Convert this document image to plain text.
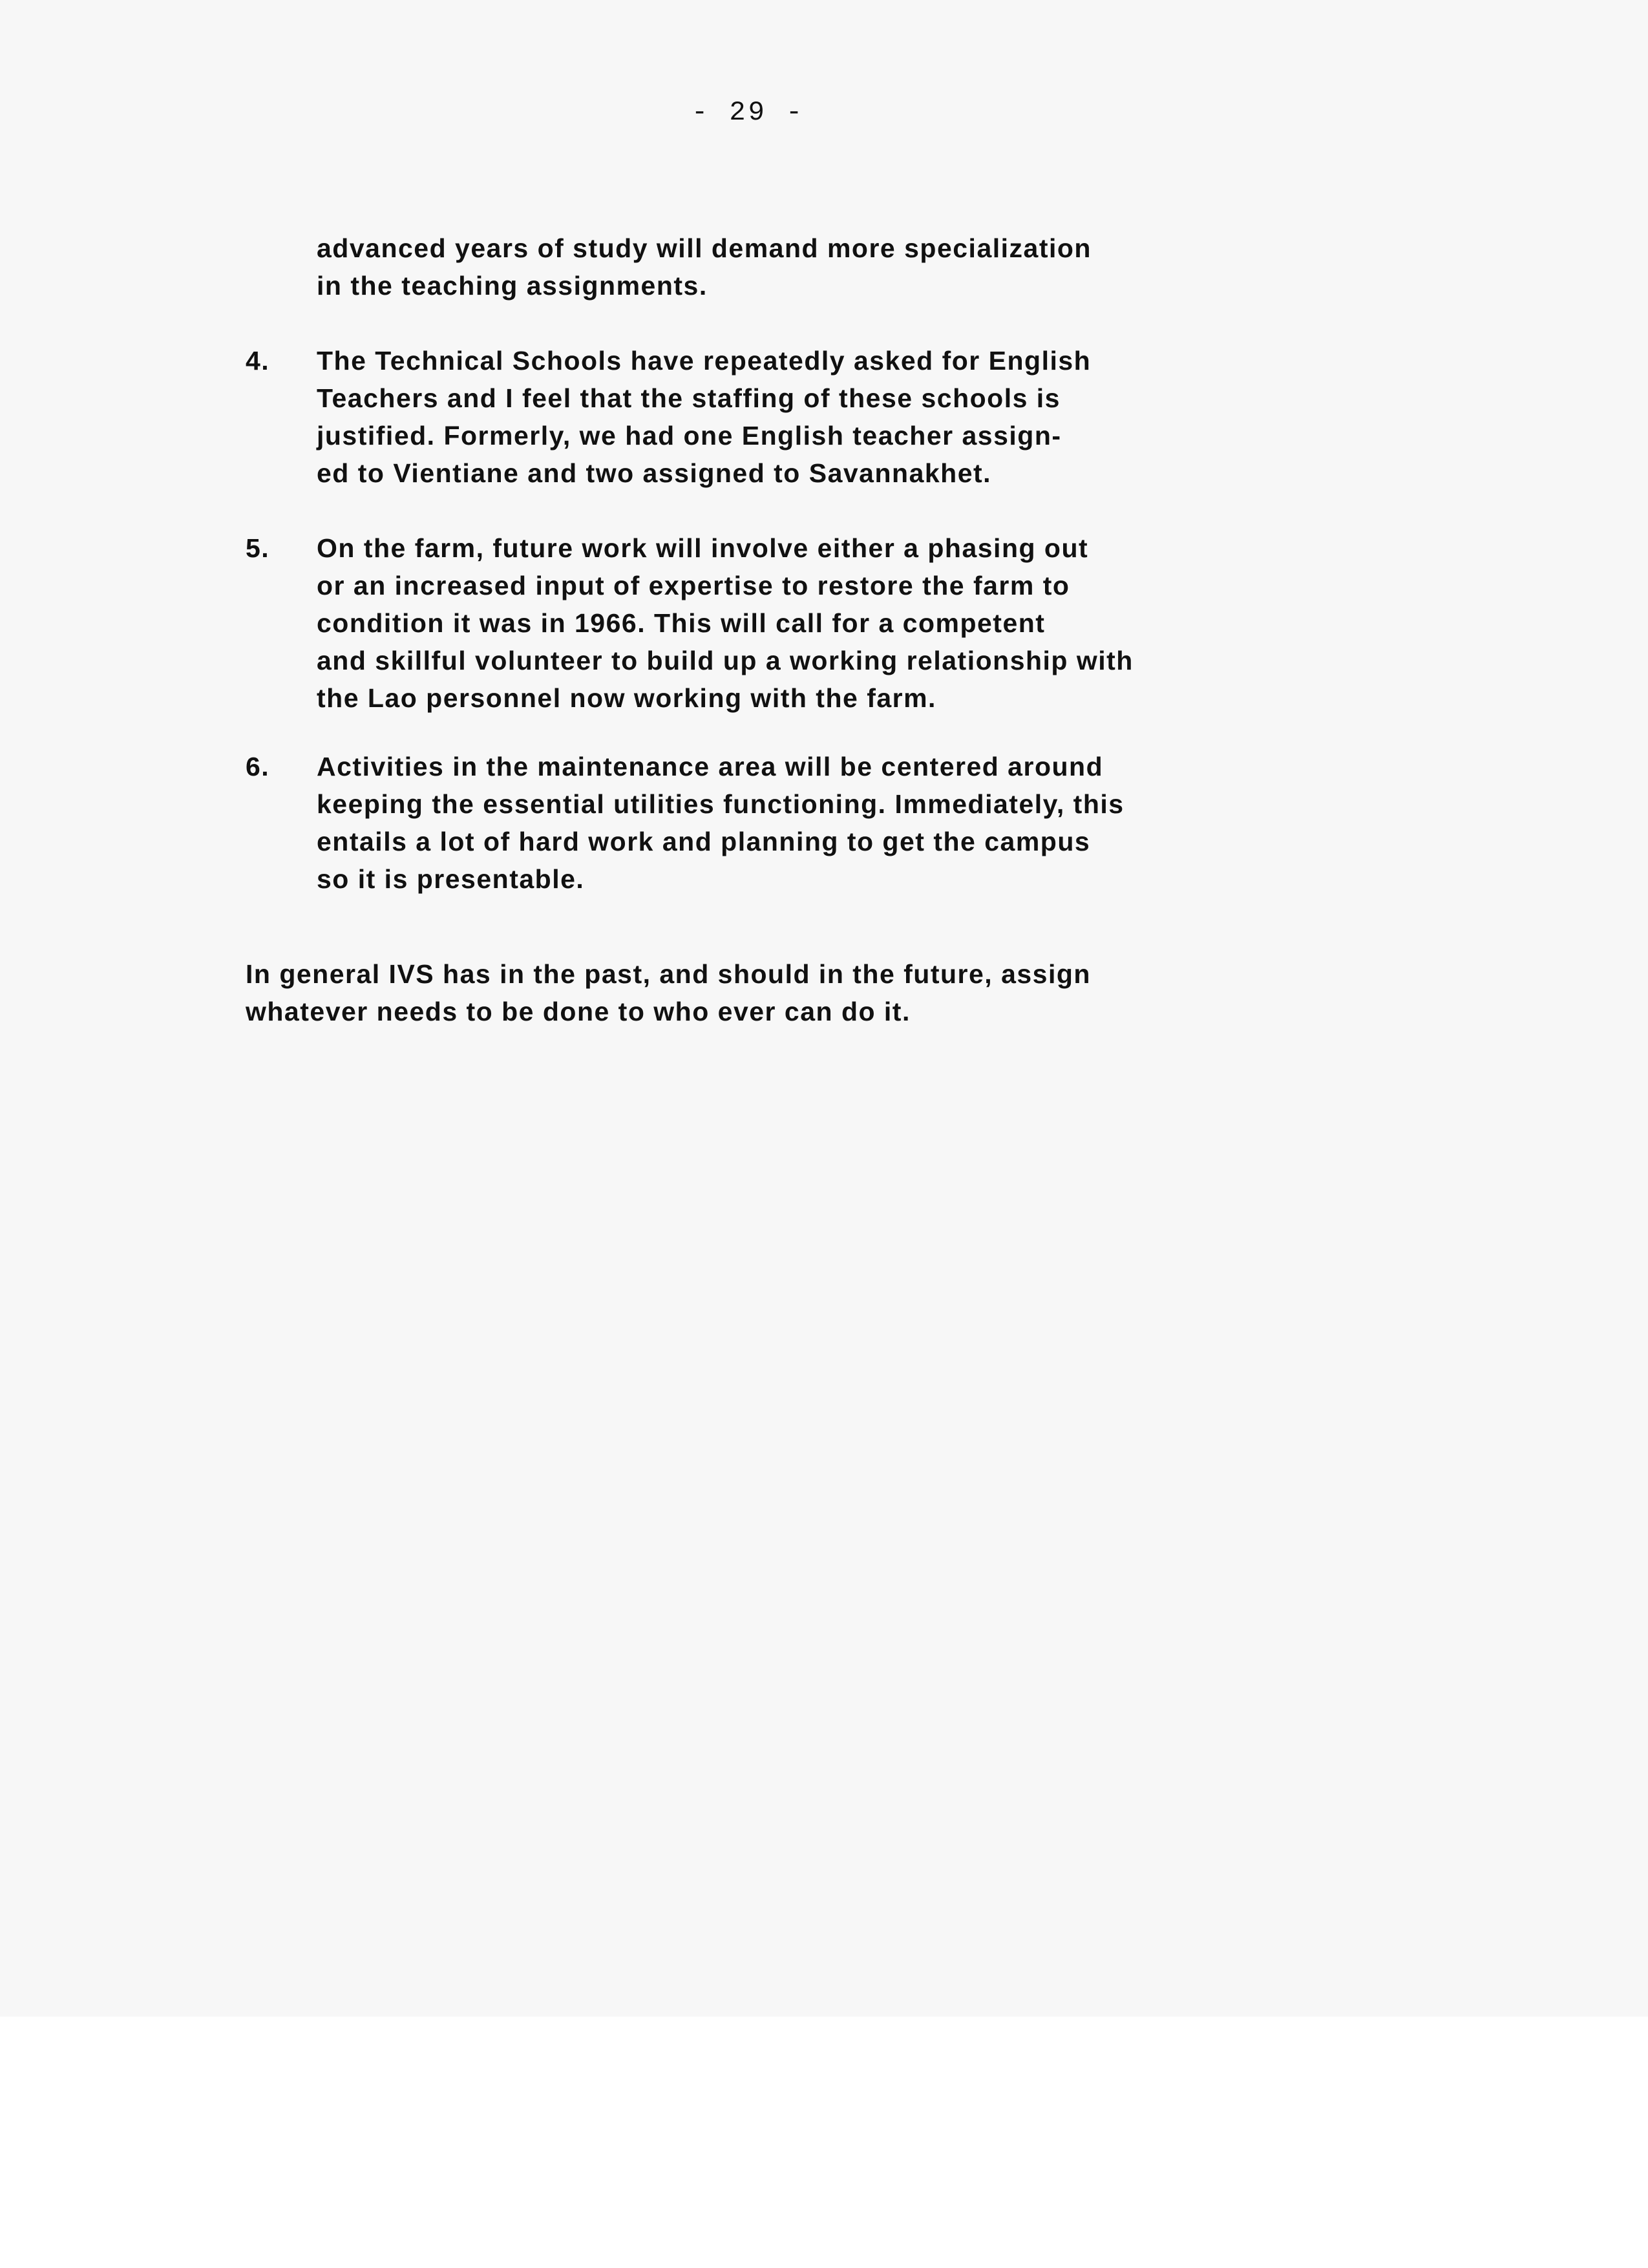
- 29 -

advanced years of study will demand more specialization
in the teaching assignments.

4.	The Technical Schools have repeatedly asked for English
Teachers and I feel that the staffing of these schools is
justified. Formerly, we had one English teacher assign-
ed to Vientiane and two assigned to Savannakhet.
5.	On the farm, future work will involve either a phasing out
or an increased input of expertise to restore the farm to
condition it was in 1966. This will call for a competent
and skillful volunteer to build up a working relationship with
the Lao personnel now working with the farm.
6.	Activities in the maintenance area will be centered around
keeping the essential utilities functioning. Immediately, this
entails a lot of hard work and planning to get the campus
so it is presentable.

In general IVS has in the past, and should in the future, assign
whatever needs to be done to who ever can do it.
